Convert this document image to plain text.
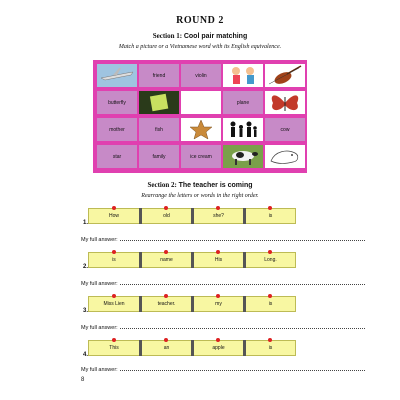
ROUND 2
Section 1: Cool pair matching
Match a picture or a Vietnamese word with its English equivalence.
friend	violin
butterfly	plane
mother	fish	cow
star	family	ice cream
Section 2: The teacher is coming
Rearrange the letters or words in the right order.
1.
How	old	she?	is
My full answer:
2.
is	name	His	Long.
My full answer:
3.
Miss Lien	teacher.	my	is
My full answer:
4.
This	an	apple	is
My full answer:
8
